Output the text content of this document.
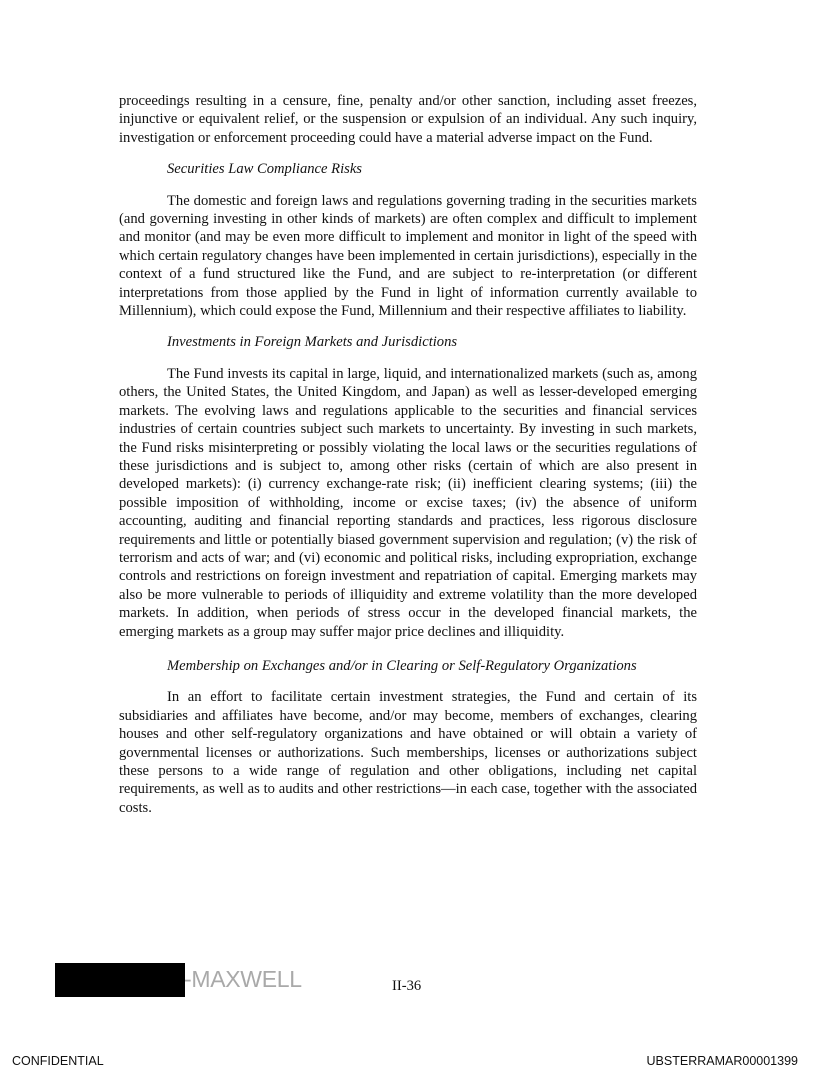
proceedings resulting in a censure, fine, penalty and/or other sanction, including asset freezes, injunctive or equivalent relief, or the suspension or expulsion of an individual. Any such inquiry, investigation or enforcement proceeding could have a material adverse impact on the Fund.

Securities Law Compliance Risks

The domestic and foreign laws and regulations governing trading in the securities markets (and governing investing in other kinds of markets) are often complex and difficult to implement and monitor (and may be even more difficult to implement and monitor in light of the speed with which certain regulatory changes have been implemented in certain jurisdictions), especially in the context of a fund structured like the Fund, and are subject to re-interpretation (or different interpretations from those applied by the Fund in light of information currently available to Millennium), which could expose the Fund, Millennium and their respective affiliates to liability.

Investments in Foreign Markets and Jurisdictions

The Fund invests its capital in large, liquid, and internationalized markets (such as, among others, the United States, the United Kingdom, and Japan) as well as lesser-developed emerging markets. The evolving laws and regulations applicable to the securities and financial services industries of certain countries subject such markets to uncertainty. By investing in such markets, the Fund risks misinterpreting or possibly violating the local laws or the securities regulations of these jurisdictions and is subject to, among other risks (certain of which are also present in developed markets): (i) currency exchange-rate risk; (ii) inefficient clearing systems; (iii) the possible imposition of withholding, income or excise taxes; (iv) the absence of uniform accounting, auditing and financial reporting standards and practices, less rigorous disclosure requirements and little or potentially biased government supervision and regulation; (v) the risk of terrorism and acts of war; and (vi) economic and political risks, including expropriation, exchange controls and restrictions on foreign investment and repatriation of capital. Emerging markets may also be more vulnerable to periods of illiquidity and extreme volatility than the more developed markets. In addition, when periods of stress occur in the developed financial markets, the emerging markets as a group may suffer major price declines and illiquidity.

Membership on Exchanges and/or in Clearing or Self-Regulatory Organizations

In an effort to facilitate certain investment strategies, the Fund and certain of its subsidiaries and affiliates have become, and/or may become, members of exchanges, clearing houses and other self-regulatory organizations and have obtained or will obtain a variety of governmental licenses or authorizations. Such memberships, licenses or authorizations subject these persons to a wide range of regulation and other obligations, including net capital requirements, as well as to audits and other restrictions—in each case, together with the associated costs.

-MAXWELL	II-36
CONFIDENTIAL	UBSTERRAMAR00001399
